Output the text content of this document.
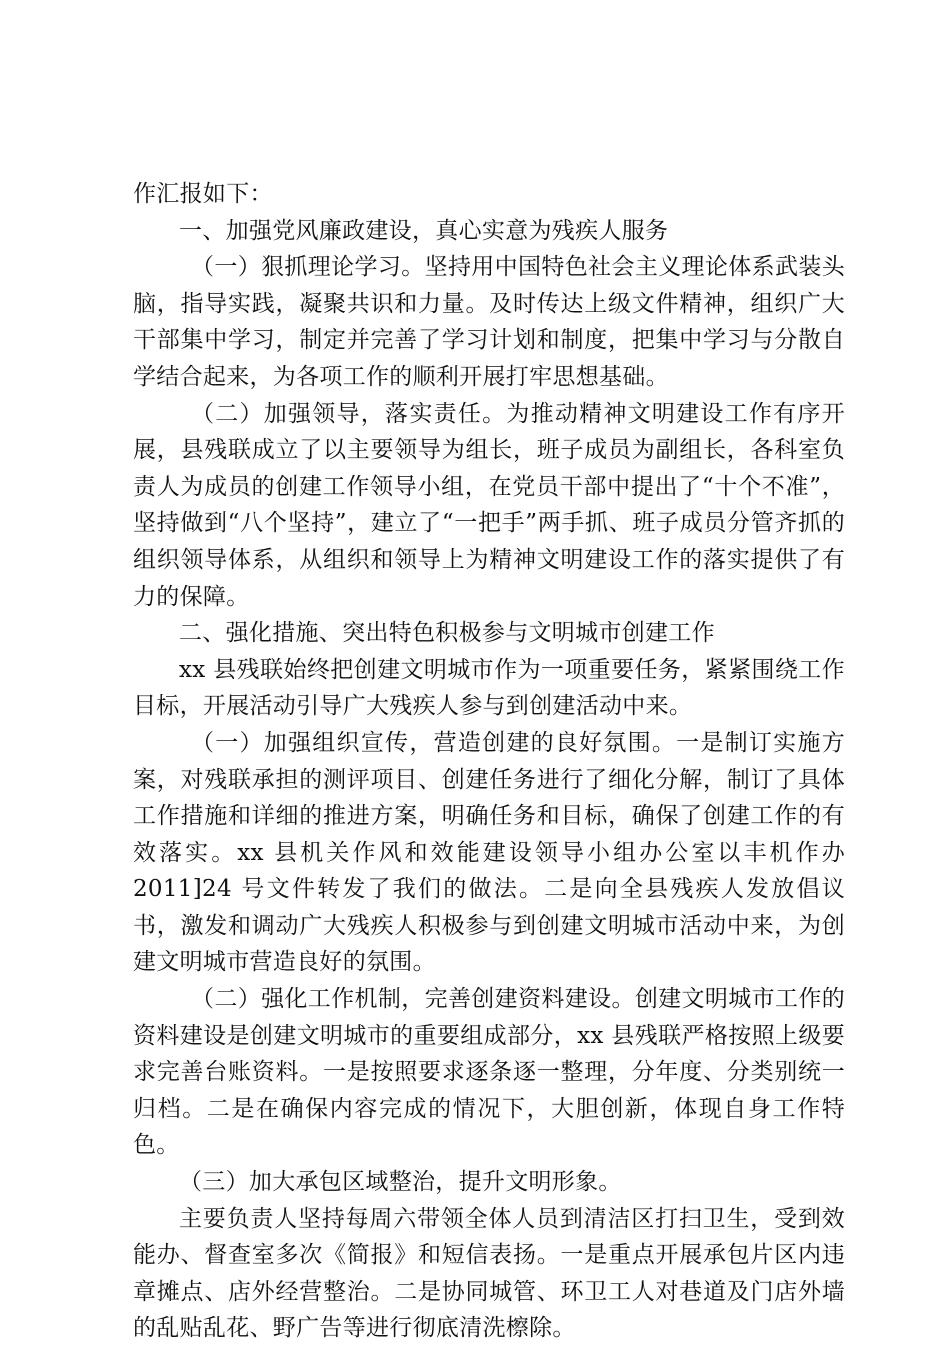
作汇报如下：

一、加强党风廉政建设，真心实意为残疾人服务

（一）狠抓理论学习。坚持用中国特色社会主义理论体系武装头脑，指导实践，凝聚共识和力量。及时传达上级文件精神，组织广大干部集中学习，制定并完善了学习计划和制度，把集中学习与分散自学结合起来，为各项工作的顺利开展打牢思想基础。

（二）加强领导，落实责任。为推动精神文明建设工作有序开展，县残联成立了以主要领导为组长，班子成员为副组长，各科室负责人为成员的创建工作领导小组，在党员干部中提出了“十个不准”，坚持做到“八个坚持”，建立了“一把手”两手抓、班子成员分管齐抓的组织领导体系，从组织和领导上为精神文明建设工作的落实提供了有力的保障。

二、强化措施、突出特色积极参与文明城市创建工作

xx 县残联始终把创建文明城市作为一项重要任务，紧紧围绕工作目标，开展活动引导广大残疾人参与到创建活动中来。

（一）加强组织宣传，营造创建的良好氛围。一是制订实施方案，对残联承担的测评项目、创建任务进行了细化分解，制订了具体工作措施和详细的推进方案，明确任务和目标，确保了创建工作的有效落实。xx 县机关作风和效能建设领导小组办公室以丰机作办 2011]24 号文件转发了我们的做法。二是向全县残疾人发放倡议书，激发和调动广大残疾人积极参与到创建文明城市活动中来，为创建文明城市营造良好的氛围。

（二）强化工作机制，完善创建资料建设。创建文明城市工作的资料建设是创建文明城市的重要组成部分，xx 县残联严格按照上级要求完善台账资料。一是按照要求逐条逐一整理，分年度、分类别统一归档。二是在确保内容完成的情况下，大胆创新，体现自身工作特色。

（三）加大承包区域整治，提升文明形象。

主要负责人坚持每周六带领全体人员到清洁区打扫卫生，受到效能办、督查室多次《简报》和短信表扬。一是重点开展承包片区内违章摊点、店外经营整治。二是协同城管、环卫工人对巷道及门店外墙的乱贴乱花、野广告等进行彻底清洗檫除。
